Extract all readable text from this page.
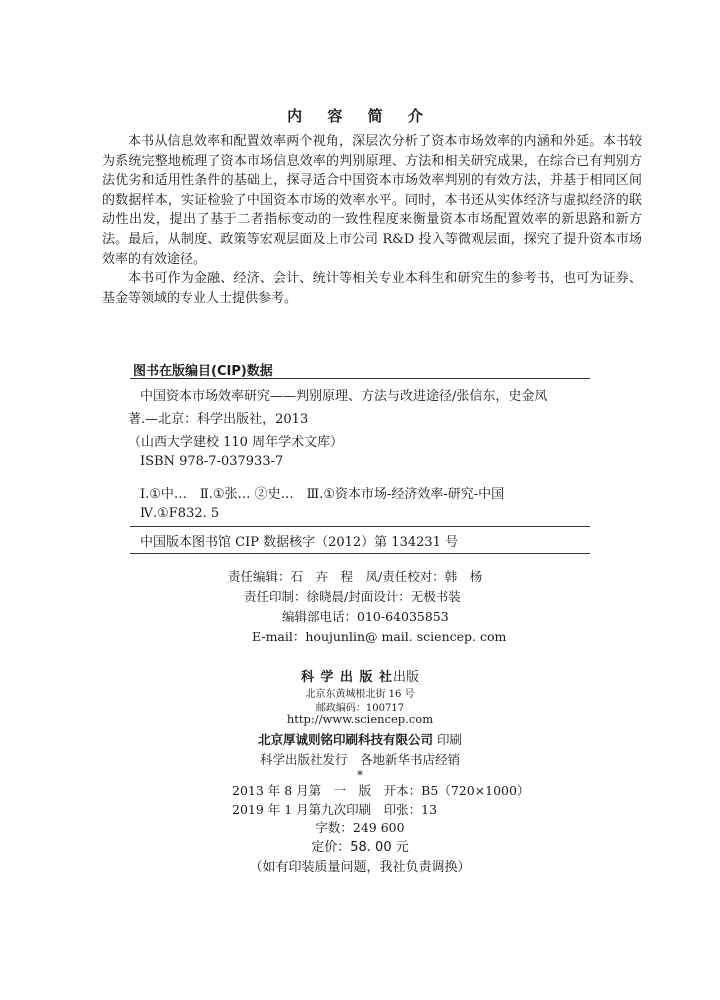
内 容 简 介

本书从信息效率和配置效率两个视角，深层次分析了资本市场效率的内涵和外延。本书较为系统完整地梳理了资本市场信息效率的判别原理、方法和相关研究成果，在综合已有判别方法优劣和适用性条件的基础上，探寻适合中国资本市场效率判别的有效方法，并基于相同区间的数据样本，实证检验了中国资本市场的效率水平。同时，本书还从实体经济与虚拟经济的联动性出发，提出了基于二者指标变动的一致性程度来衡量资本市场配置效率的新思路和新方法。最后，从制度、政策等宏观层面及上市公司 R&D 投入等微观层面，探究了提升资本市场效率的有效途径。

本书可作为金融、经济、会计、统计等相关专业本科生和研究生的参考书，也可为证券、基金等领域的专业人士提供参考。

图书在版编目(CIP)数据
中国资本市场效率研究——判别原理、方法与改进途径/张信东，史金凤
著.—北京：科学出版社，2013
（山西大学建校 110 周年学术文库）
ISBN 978-7-037933-7
Ⅰ.①中…　Ⅱ.①张… ②史…　Ⅲ.①资本市场-经济效率-研究-中国
Ⅳ.①F832. 5
中国版本图书馆 CIP 数据核字（2012）第 134231 号
责任编辑：石　卉　程　凤/责任校对：韩　杨
责任印制：徐晓晨/封面设计：无极书装
编辑部电话：010-64035853
E-mail：houjunlin@ mail. sciencep. com
科 学 出 版 社出版
北京东黄城根北街 16 号
邮政编码：100717
http://www.sciencep.com
北京厚诚则铭印刷科技有限公司 印刷
科学出版社发行　各地新华书店经销
*
2013 年 8 月第　一　版　开本：B5（720×1000）
2019 年 1 月第九次印刷　印张：13
字数：249 600
定价：58. 00 元
（如有印装质量问题，我社负责调换）
